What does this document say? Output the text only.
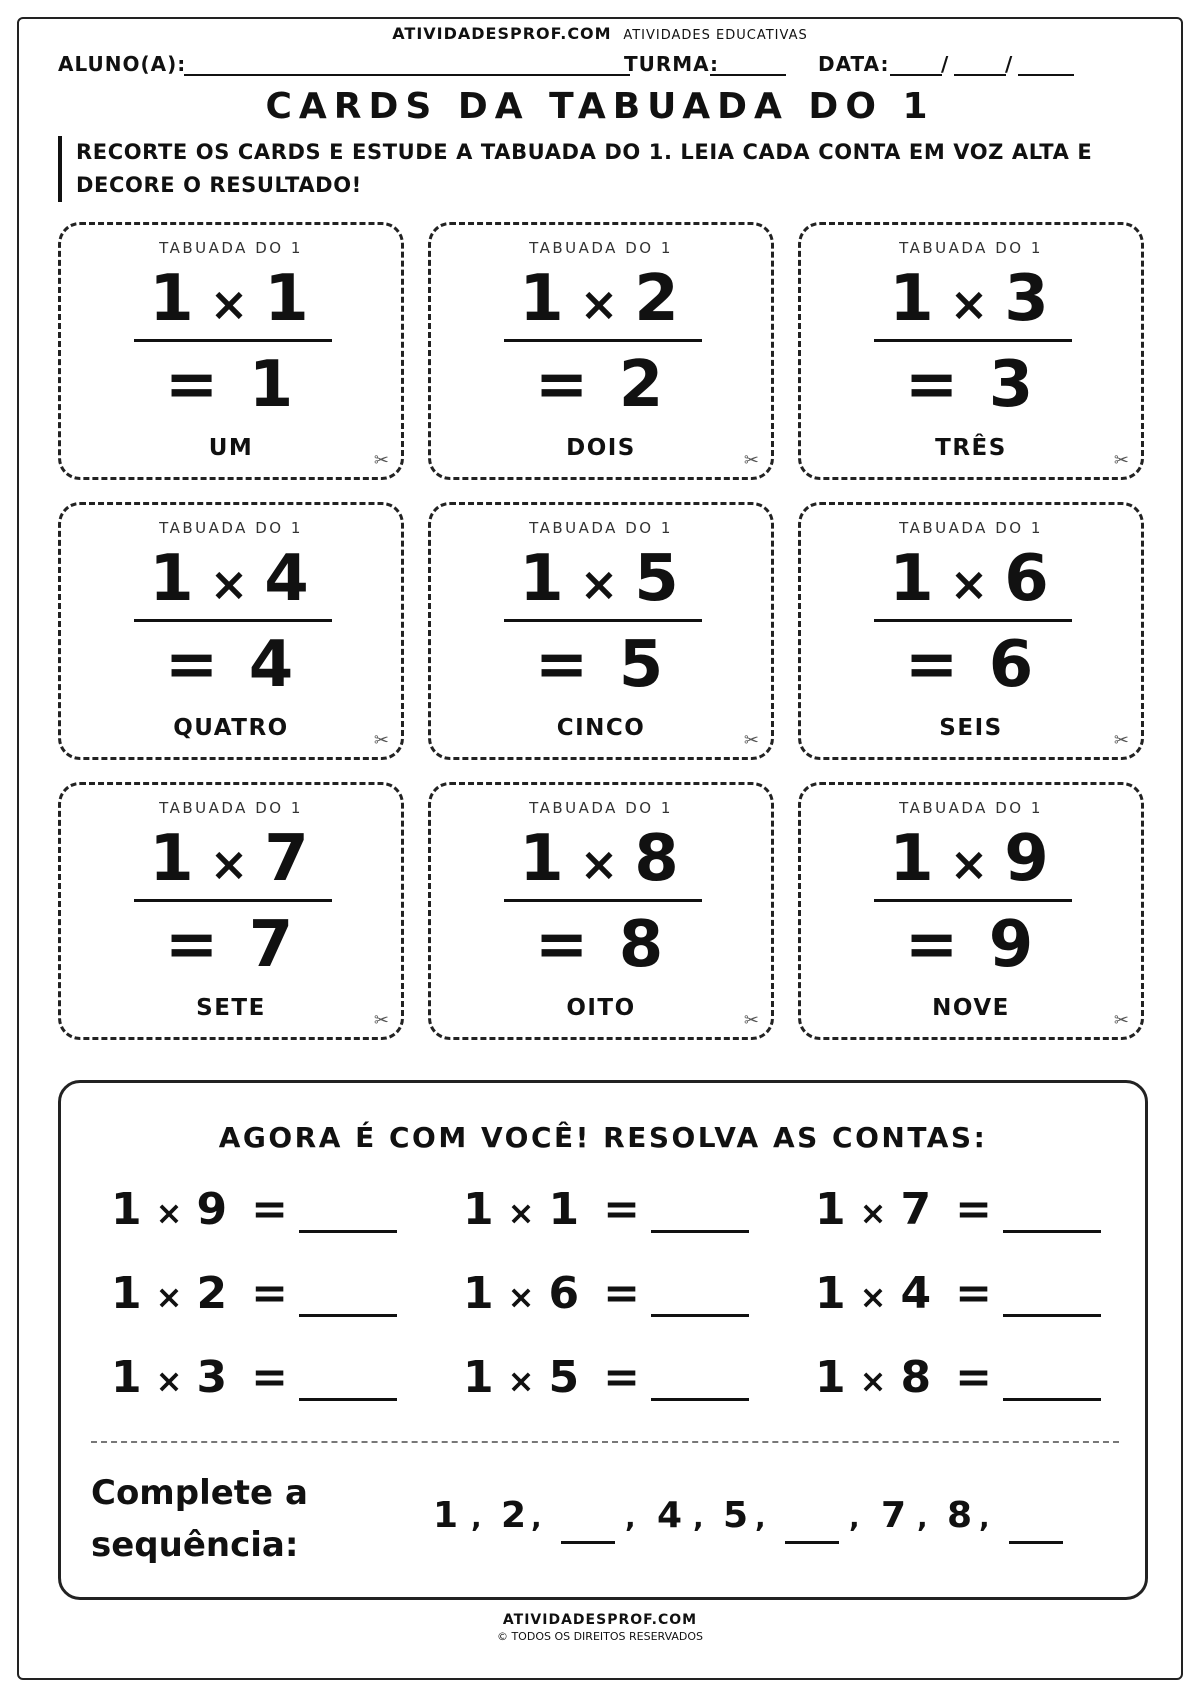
ATIVIDADESPROF.COM ATIVIDADES EDUCATIVAS
ALUNO(A):	TURMA:	DATA:	/	/
CARDS DA TABUADA DO 1
RECORTE OS CARDS E ESTUDE A TABUADA DO 1. LEIA CADA CONTA EM VOZ ALTA E DECORE O RESULTADO!
TABUADA DO 1
1 × 1
= 1
UM	✂
TABUADA DO 1
1 × 2
= 2
DOIS	✂
TABUADA DO 1
1 × 3
= 3
TRÊS	✂
TABUADA DO 1
1 × 4
= 4
QUATRO	✂
TABUADA DO 1
1 × 5
= 5
CINCO	✂
TABUADA DO 1
1 × 6
= 6
SEIS	✂
TABUADA DO 1
1 × 7
= 7
SETE	✂
TABUADA DO 1
1 × 8
= 8
OITO	✂
TABUADA DO 1
1 × 9
= 9
NOVE	✂
AGORA É COM VOCÊ! RESOLVA AS CONTAS:
1 × 9 =	1 × 1 =	1 × 7 =
1 × 2 =	1 × 6 =	1 × 4 =
1 × 3 =	1 × 5 =	1 × 8 =
Complete a
sequência:
1 , 2 ,	, 4 , 5 ,	, 7 , 8 ,
ATIVIDADESPROF.COM
© TODOS OS DIREITOS RESERVADOS
